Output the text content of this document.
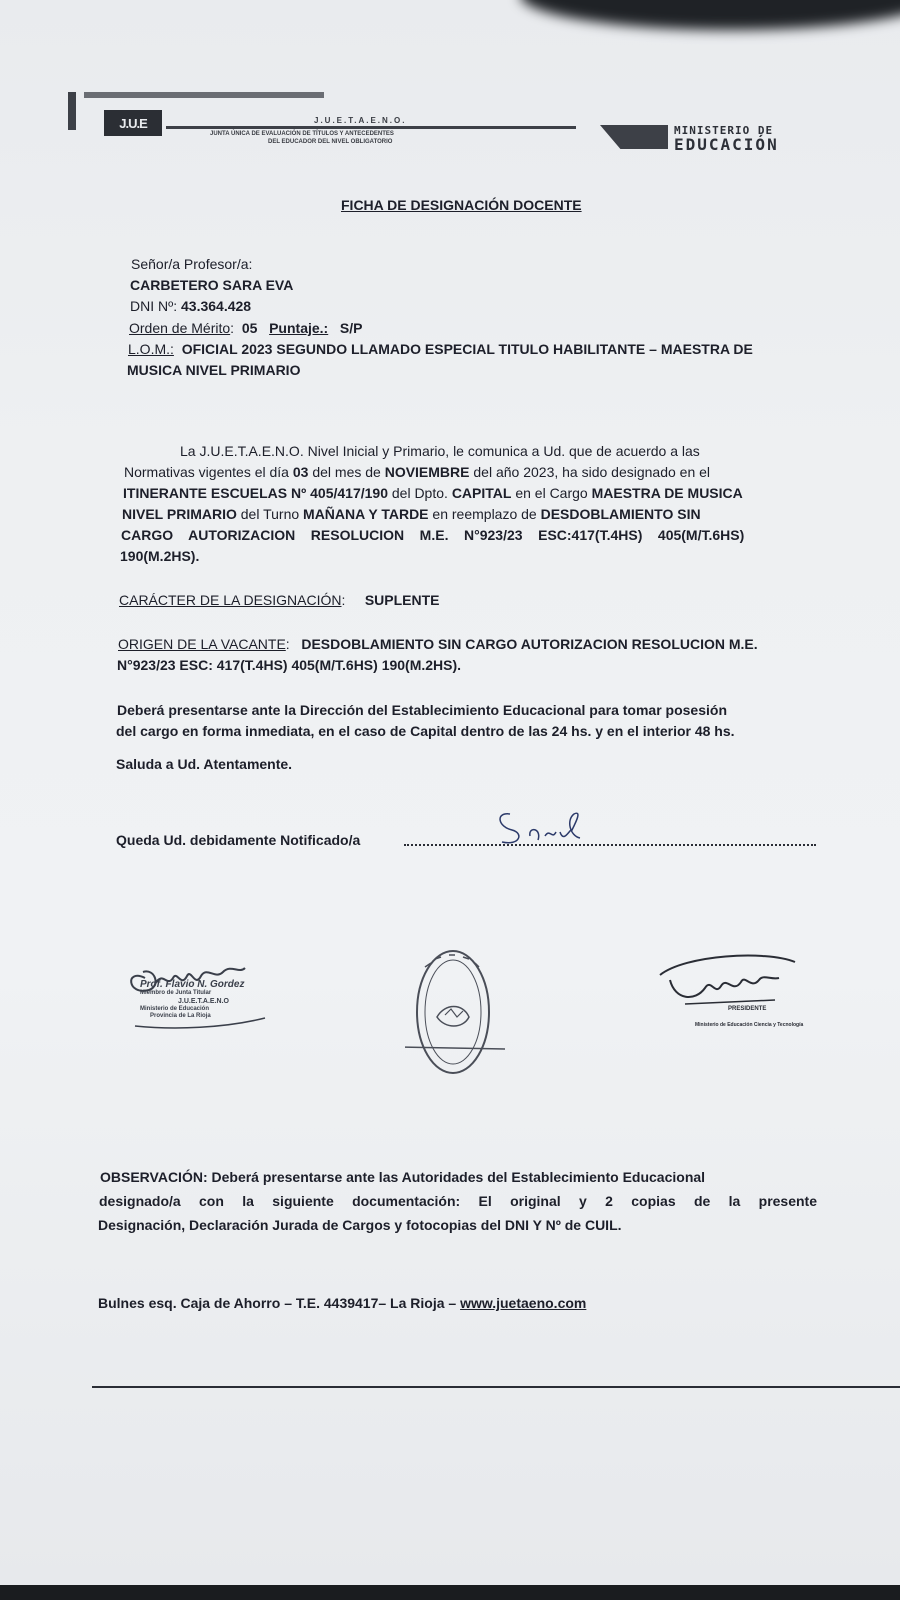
J.U.E	J.U.E.T.A.E.N.O.
JUNTA ÚNICA DE EVALUACIÓN DE TÍTULOS Y ANTECEDENTES
DEL EDUCADOR DEL NIVEL OBLIGATORIO
MINISTERIO DE
EDUCACIÓN
FICHA DE DESIGNACIÓN DOCENTE
Señor/a Profesor/a:
CARBETERO SARA EVA
DNI Nº: 43.364.428
Orden de Mérito:  05 Puntaje.: S/P
L.O.M.: OFICIAL 2023 SEGUNDO LLAMADO ESPECIAL TITULO HABILITANTE – MAESTRA DE
MUSICA NIVEL PRIMARIO
La J.U.E.T.A.E.N.O. Nivel Inicial y Primario, le comunica a Ud. que de acuerdo a las
Normativas vigentes el día 03 del mes de NOVIEMBRE del año 2023, ha sido designado en el
ITINERANTE ESCUELAS Nº 405/417/190 del Dpto. CAPITAL en el Cargo MAESTRA DE MUSICA
NIVEL PRIMARIO del Turno MAÑANA Y TARDE en reemplazo de DESDOBLAMIENTO SIN
CARGO    AUTORIZACION    RESOLUCION    M.E.    N°923/23    ESC:417(T.4HS)    405(M/T.6HS)
190(M.2HS).
CARÁCTER DE LA DESIGNACIÓN:     SUPLENTE
ORIGEN DE LA VACANTE:   DESDOBLAMIENTO SIN CARGO AUTORIZACION RESOLUCION M.E.
N°923/23 ESC: 417(T.4HS) 405(M/T.6HS) 190(M.2HS).
Deberá presentarse ante la Dirección del Establecimiento Educacional para tomar posesión
del cargo en forma inmediata, en el caso de Capital dentro de las 24 hs. y en el interior 48 hs.
Saluda a Ud. Atentamente.
Queda Ud. debidamente Notificado/a
Prof. Flavio N. Gordez
Miembro de Junta Titular
J.U.E.T.A.E.N.O
Ministerio de Educación
Provincia de La Rioja
PRESIDENTE
Ministerio de Educación Ciencia y Tecnología
OBSERVACIÓN: Deberá presentarse ante las Autoridades del Establecimiento Educacional
designado/a con la siguiente documentación: El original y 2 copias de la presente
Designación, Declaración Jurada de Cargos y fotocopias del DNI Y Nº de CUIL.
Bulnes esq. Caja de Ahorro – T.E. 4439417– La Rioja – www.juetaeno.com
